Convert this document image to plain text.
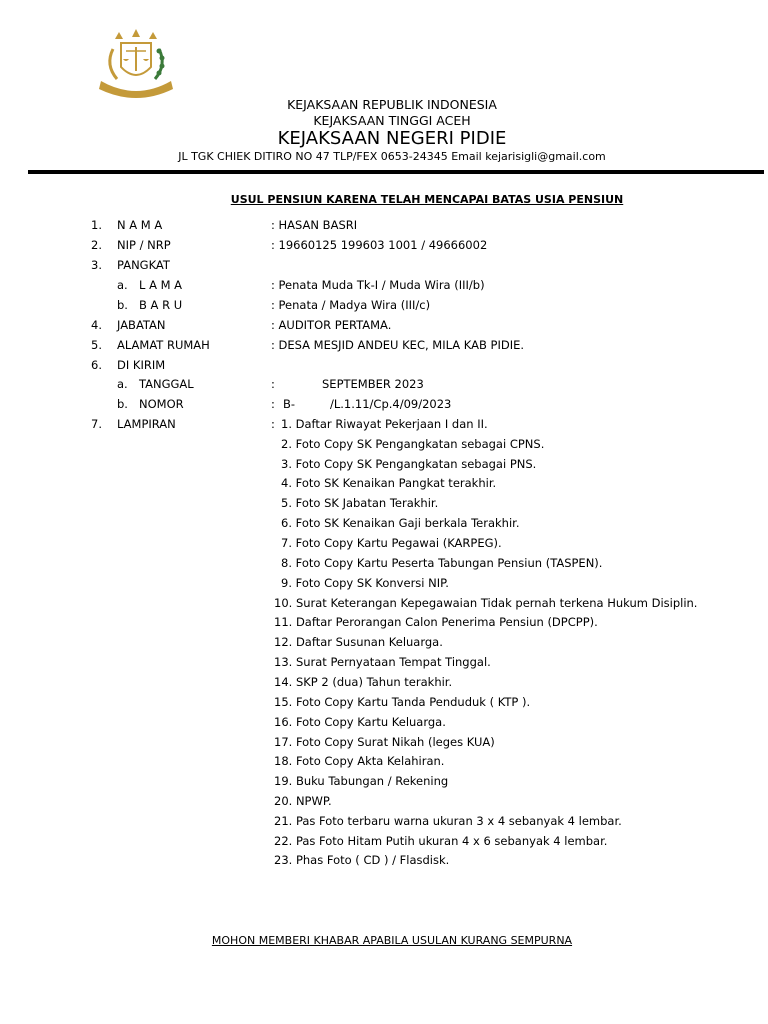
KEJAKSAAN REPUBLIK INDONESIA
KEJAKSAAN TINGGI ACEH
KEJAKSAAN NEGERI PIDIE
JL TGK CHIEK DITIRO NO 47 TLP/FEX 0653-24345 Email kejarisigli@gmail.com
USUL PENSIUN KARENA TELAH MENCAPAI BATAS USIA PENSIUN
1. N A M A	: HASAN BASRI
2. NIP / NRP	: 19660125 199603 1001 / 49666002
3. PANGKAT
a. L A M A	: Penata Muda Tk-I / Muda Wira (III/b)
b. B A R U	: Penata / Madya Wira (III/c)
4. JABATAN	: AUDITOR PERTAMA.
5. ALAMAT RUMAH	: DESA MESJID ANDEU KEC, MILA KAB PIDIE.
6. DI KIRIM
a. TANGGAL	:	SEPTEMBER 2023
b. NOMOR	: B-	/L.1.11/Cp.4/09/2023
7. LAMPIRAN	: 1. Daftar Riwayat Pekerjaan I dan II.
2. Foto Copy SK Pengangkatan sebagai CPNS.
3. Foto Copy SK Pengangkatan sebagai PNS.
4. Foto SK Kenaikan Pangkat terakhir.
5. Foto SK Jabatan Terakhir.
6. Foto SK Kenaikan Gaji berkala Terakhir.
7. Foto Copy Kartu Pegawai (KARPEG).
8. Foto Copy Kartu Peserta Tabungan Pensiun (TASPEN).
9. Foto Copy SK Konversi NIP.
10. Surat Keterangan Kepegawaian Tidak pernah terkena Hukum Disiplin.
11. Daftar Perorangan Calon Penerima Pensiun (DPCPP).
12. Daftar Susunan Keluarga.
13. Surat Pernyataan Tempat Tinggal.
14. SKP 2 (dua) Tahun terakhir.
15. Foto Copy Kartu Tanda Penduduk ( KTP ).
16. Foto Copy Kartu Keluarga.
17. Foto Copy Surat Nikah (leges KUA)
18. Foto Copy Akta Kelahiran.
19. Buku Tabungan / Rekening
20. NPWP.
21. Pas Foto terbaru warna ukuran 3 x 4 sebanyak 4 lembar.
22. Pas Foto Hitam Putih ukuran 4 x 6 sebanyak 4 lembar.
23. Phas Foto ( CD ) / Flasdisk.
MOHON MEMBERI KHABAR APABILA USULAN KURANG SEMPURNA
